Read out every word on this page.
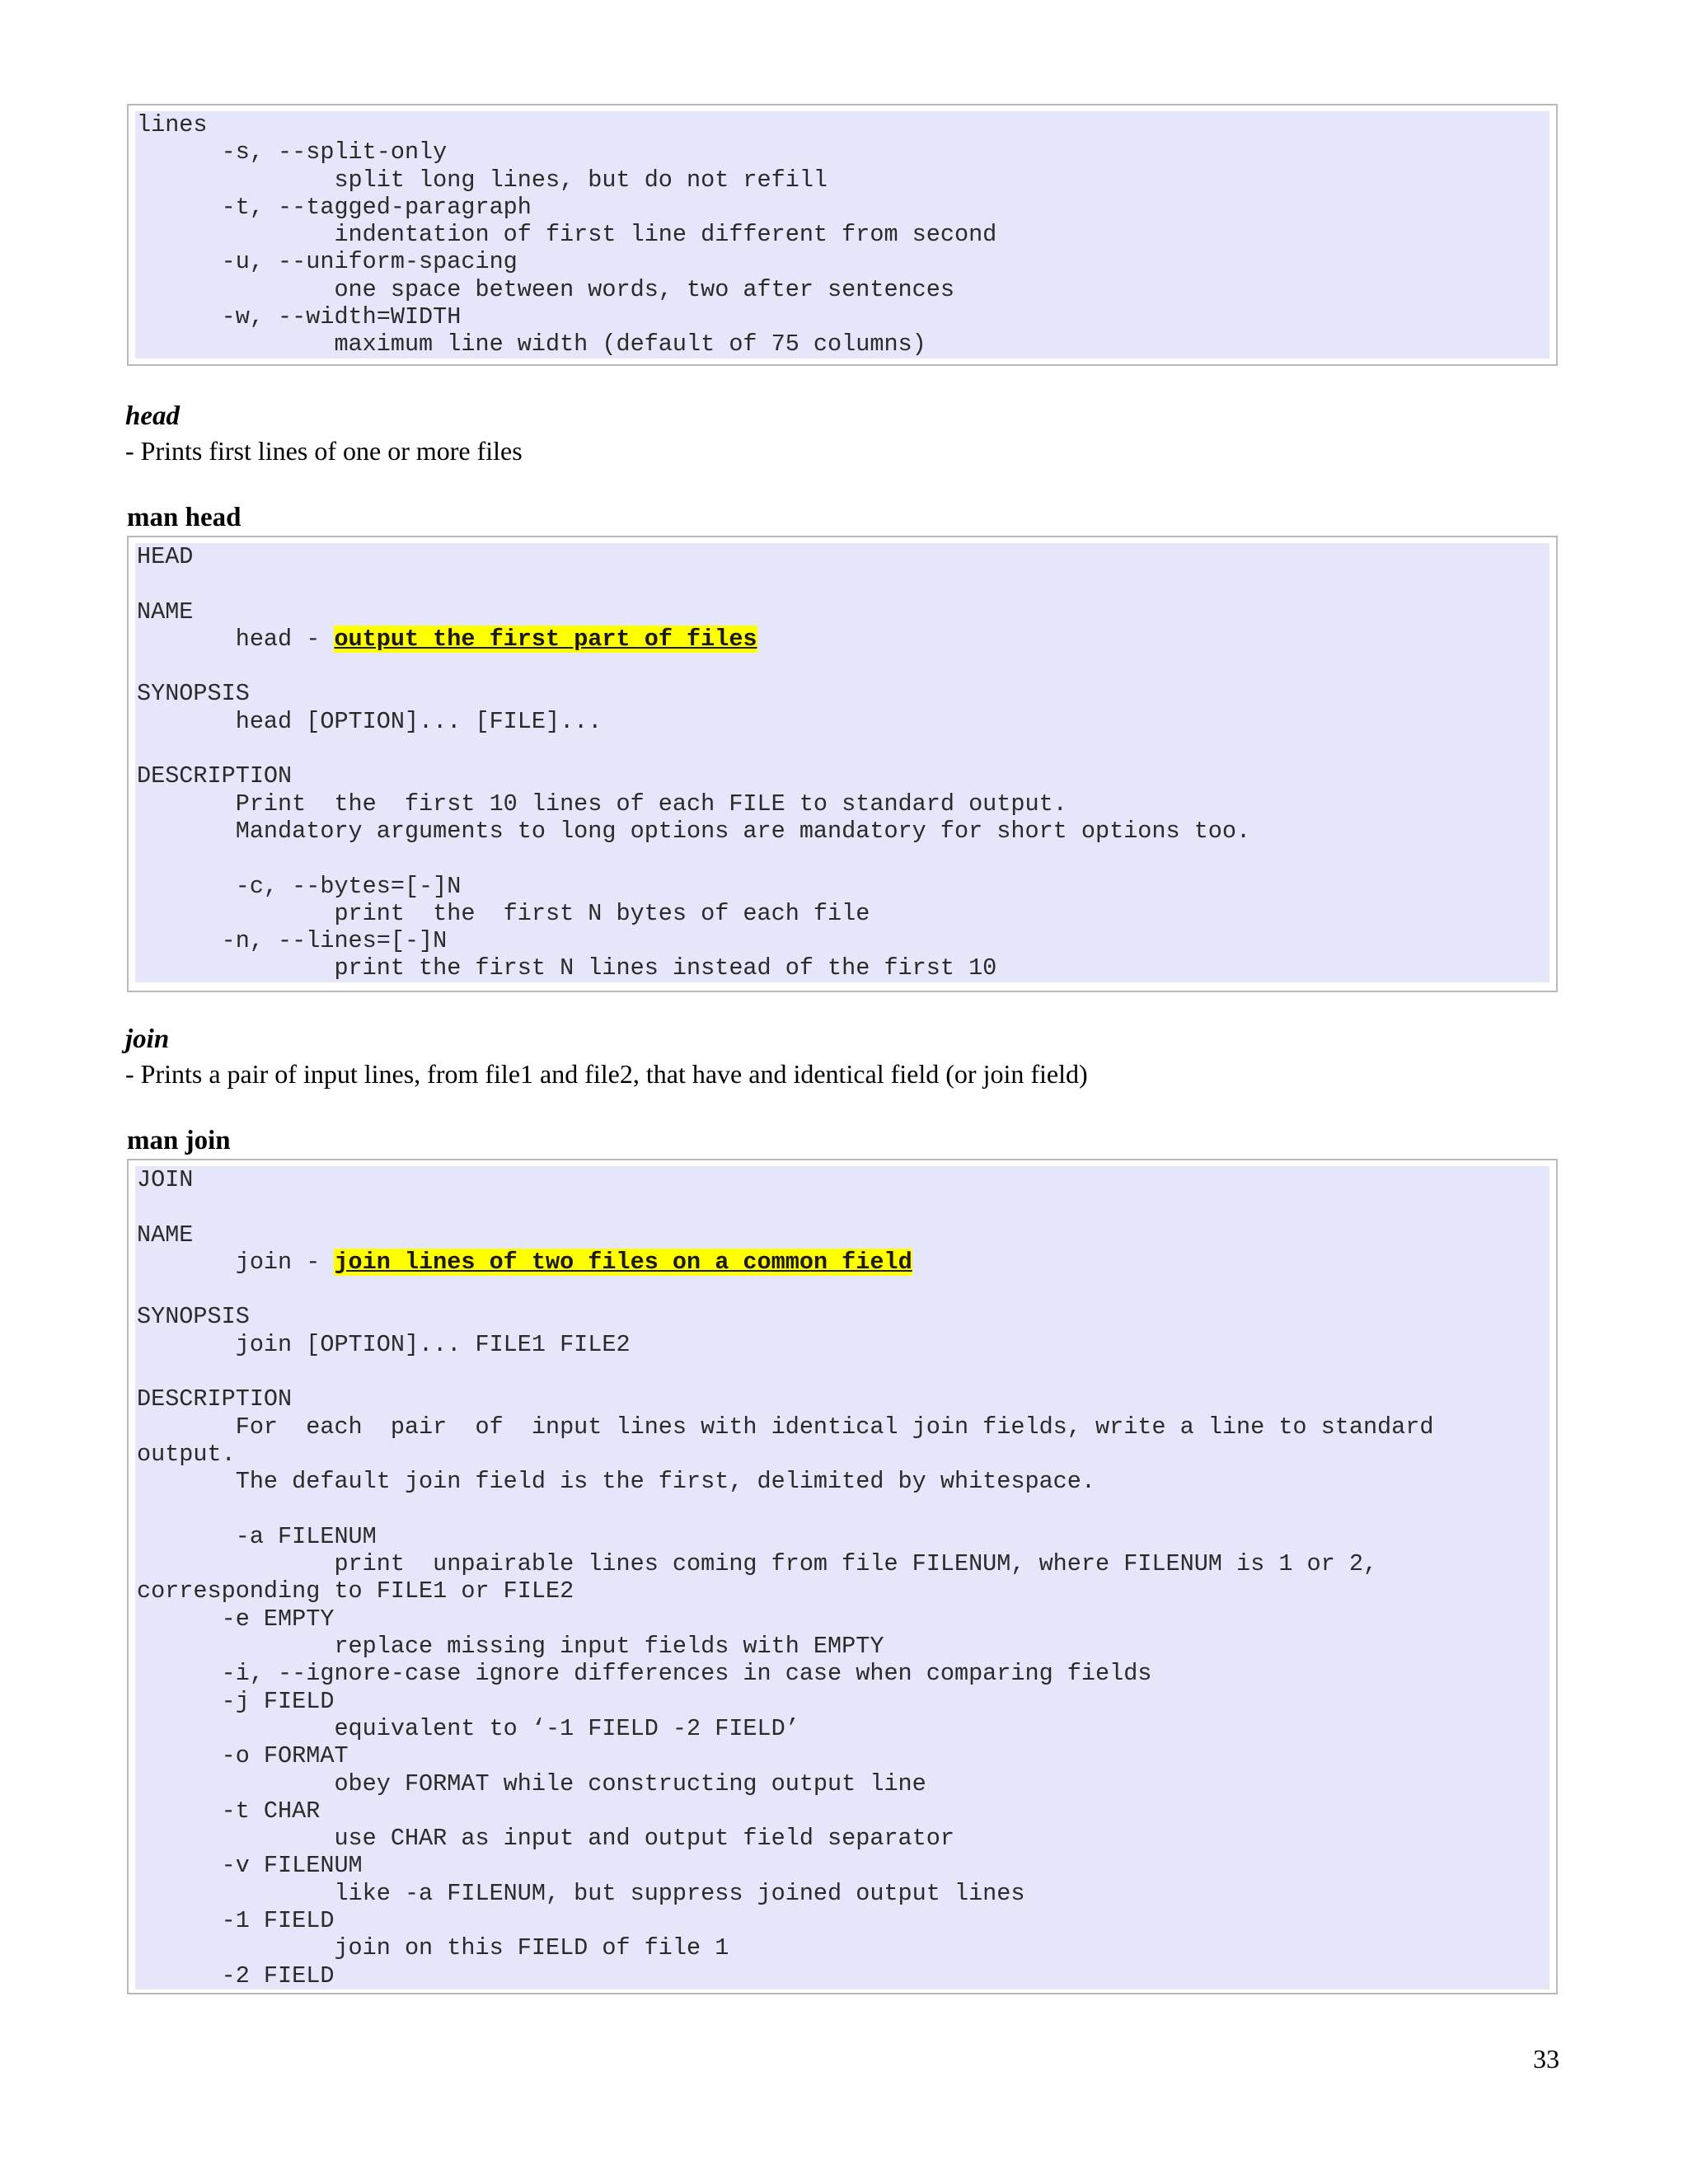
lines
-s, --split-only
split long lines, but do not refill
-t, --tagged-paragraph
indentation of first line different from second
-u, --uniform-spacing
one space between words, two after sentences
-w, --width=WIDTH
maximum line width (default of 75 columns)

head

- Prints first lines of one or more files

man head

HEAD

NAME
head - output the first part of files

SYNOPSIS
head [OPTION]... [FILE]...

DESCRIPTION
Print  the  first 10 lines of each FILE to standard output.
Mandatory arguments to long options are mandatory for short options too.

-c, --bytes=[-]N
print  the  first N bytes of each file
-n, --lines=[-]N
print the first N lines instead of the first 10

join

- Prints a pair of input lines, from file1 and file2, that have and identical field (or join field)

man join

JOIN

NAME
join - join lines of two files on a common field

SYNOPSIS
join [OPTION]... FILE1 FILE2

DESCRIPTION
For  each  pair  of  input lines with identical join fields, write a line to standard
output.
The default join field is the first, delimited by whitespace.

-a FILENUM
print  unpairable lines coming from file FILENUM, where FILENUM is 1 or 2,
corresponding to FILE1 or FILE2
-e EMPTY
replace missing input fields with EMPTY
-i, --ignore-case ignore differences in case when comparing fields
-j FIELD
equivalent to ‘-1 FIELD -2 FIELD’
-o FORMAT
obey FORMAT while constructing output line
-t CHAR
use CHAR as input and output field separator
-v FILENUM
like -a FILENUM, but suppress joined output lines
-1 FIELD
join on this FIELD of file 1
-2 FIELD
33
